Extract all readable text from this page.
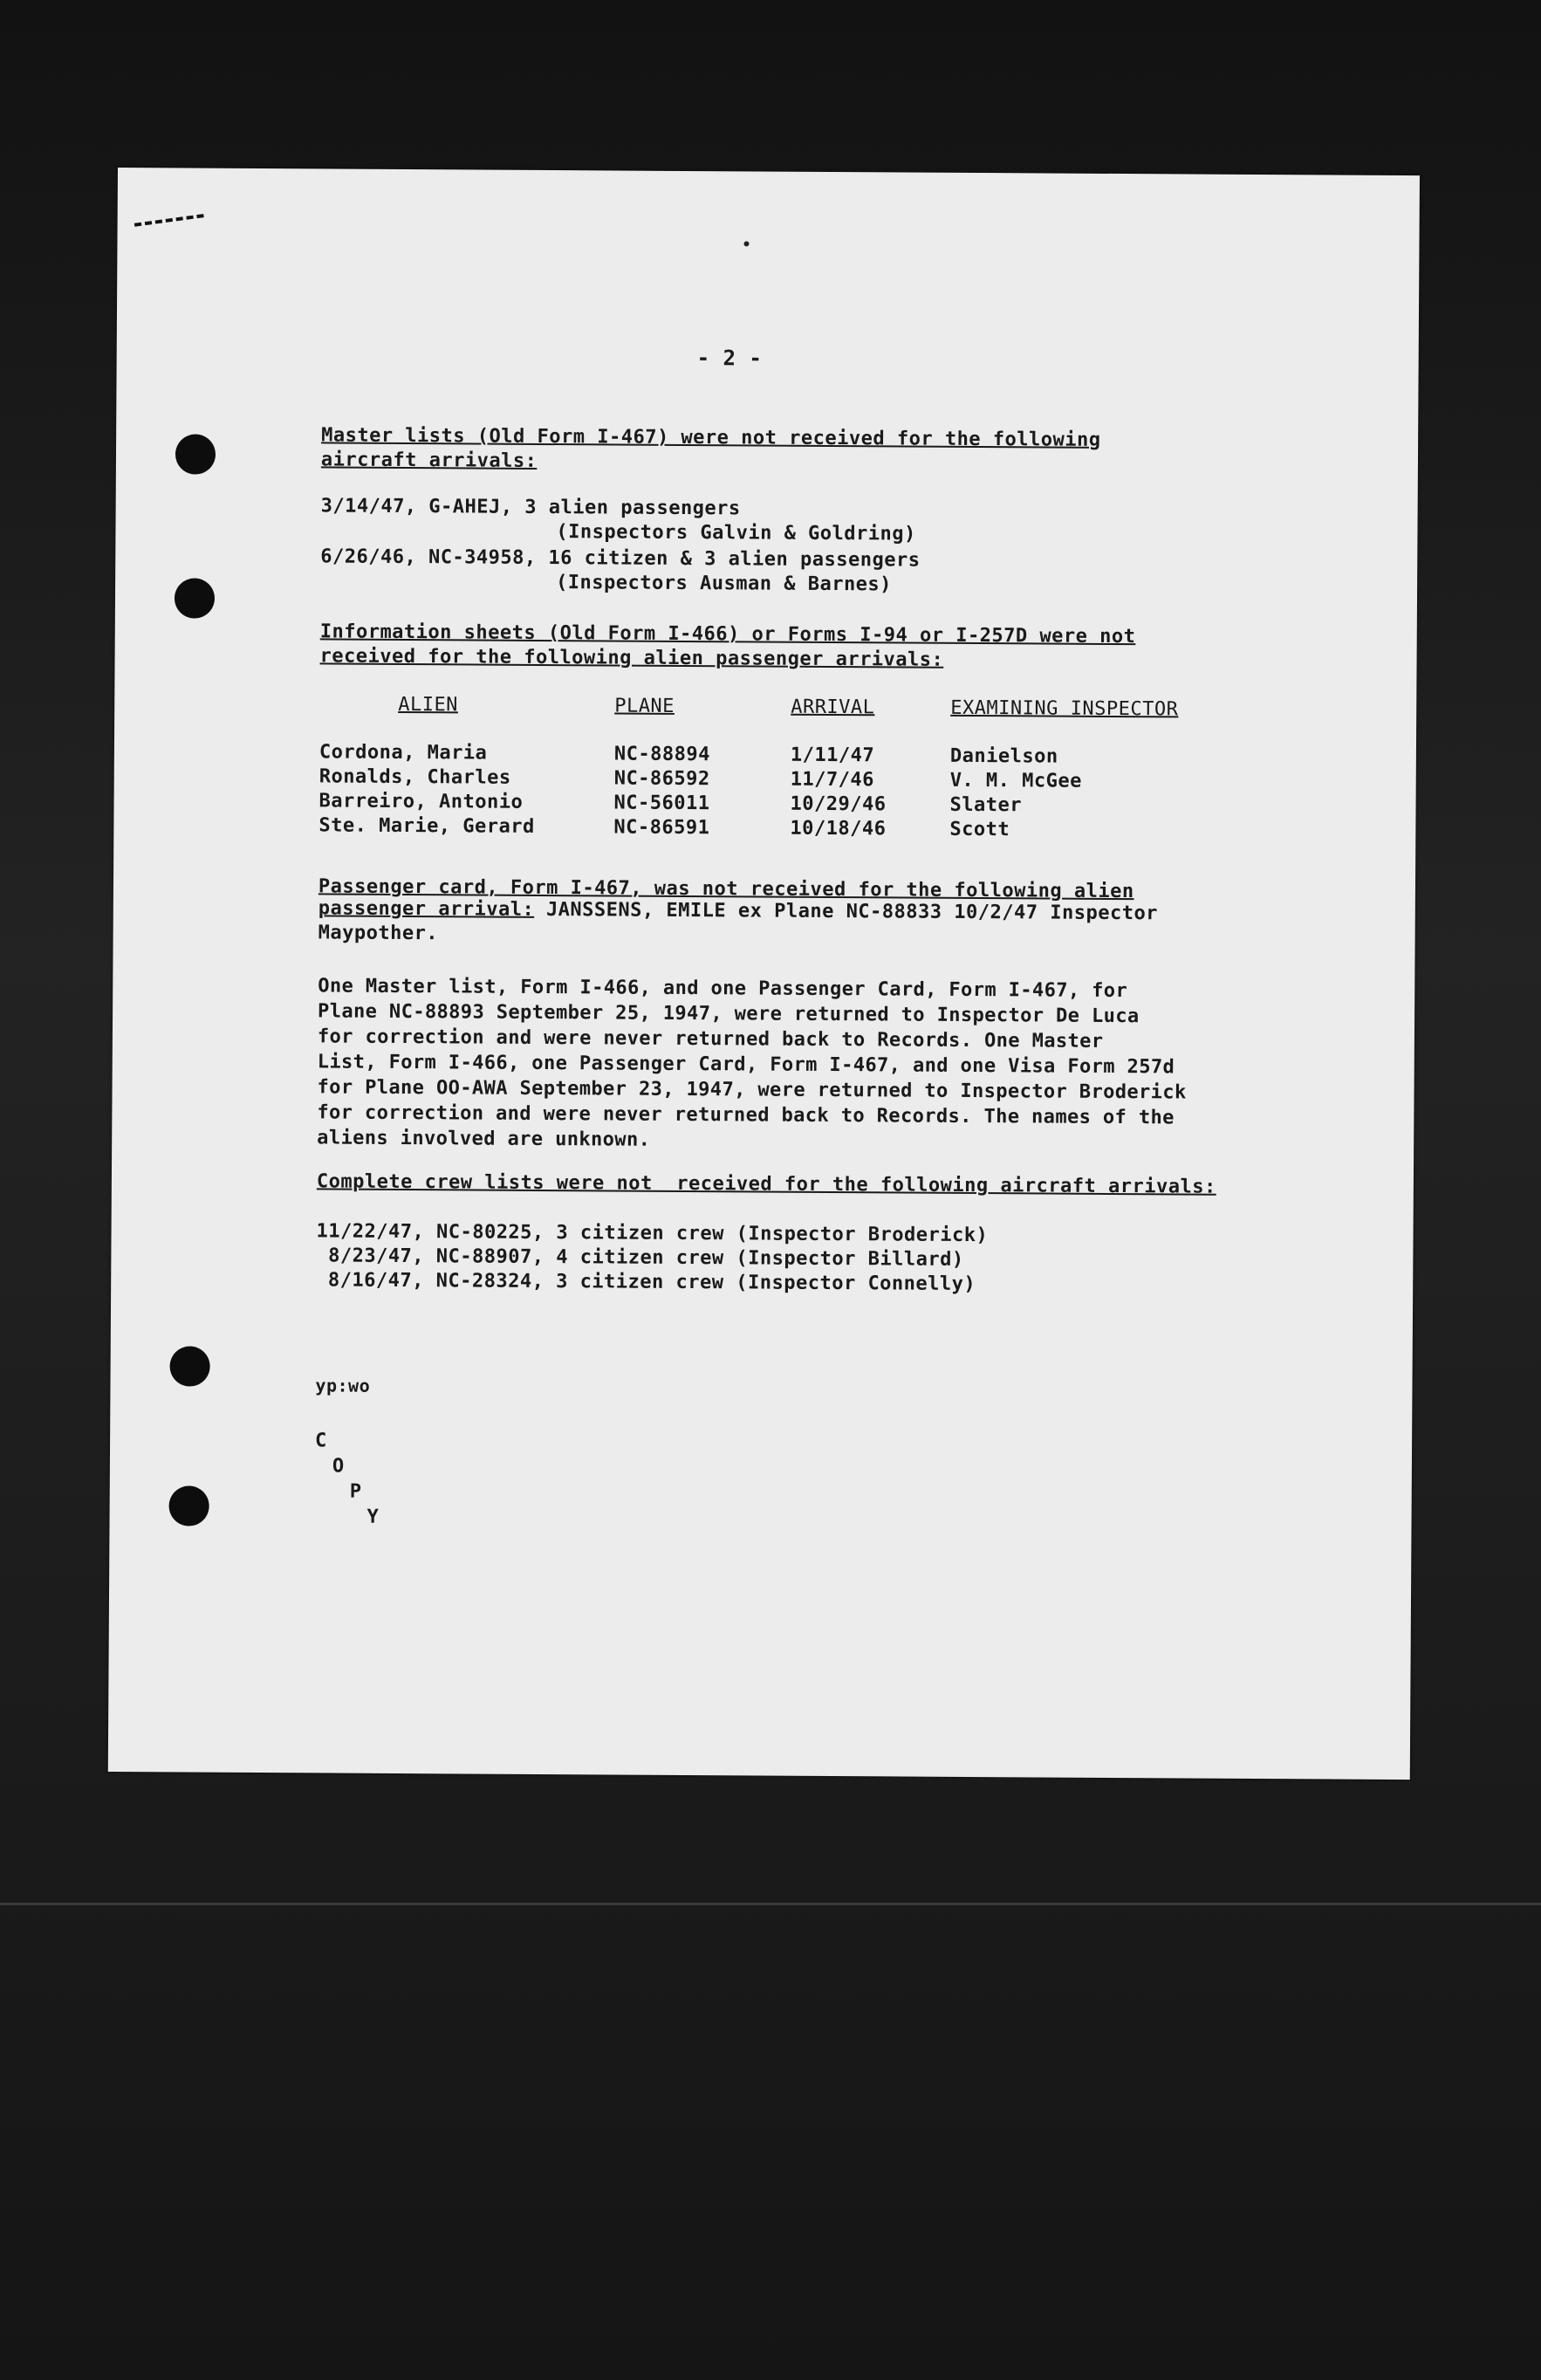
- 2 -
Master lists (Old Form I-467) were not received for the following
aircraft arrivals:
3/14/47, G-AHEJ, 3 alien passengers
(Inspectors Galvin & Goldring)
6/26/46, NC-34958, 16 citizen & 3 alien passengers
(Inspectors Ausman & Barnes)
Information sheets (Old Form I-466) or Forms I-94 or I-257D were not
received for the following alien passenger arrivals:
ALIEN	PLANE	ARRIVAL	EXAMINING INSPECTOR
Cordona, Maria	NC-88894	1/11/47	Danielson
Ronalds, Charles	NC-86592	11/7/46	V. M. McGee
Barreiro, Antonio	NC-56011	10/29/46	Slater
Ste. Marie, Gerard	NC-86591	10/18/46	Scott
Passenger card, Form I-467, was not received for the following alien
passenger arrival: JANSSENS, EMILE ex Plane NC-88833 10/2/47 Inspector
Maypother.
One Master list, Form I-466, and one Passenger Card, Form I-467, for
Plane NC-88893 September 25, 1947, were returned to Inspector De Luca
for correction and were never returned back to Records. One Master
List, Form I-466, one Passenger Card, Form I-467, and one Visa Form 257d
for Plane OO-AWA September 23, 1947, were returned to Inspector Broderick
for correction and were never returned back to Records. The names of the
aliens involved are unknown.
Complete crew lists were not  received for the following aircraft arrivals:
11/22/47, NC-80225, 3 citizen crew (Inspector Broderick)
8/23/47, NC-88907, 4 citizen crew (Inspector Billard)
8/16/47, NC-28324, 3 citizen crew (Inspector Connelly)
yp:wo
C
O
P
Y
